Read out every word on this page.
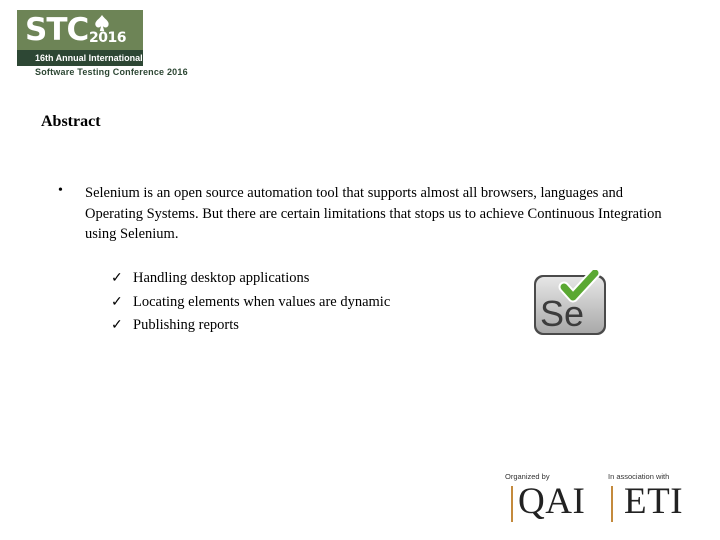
STC 2016
16th Annual International
Software Testing Conference 2016
Abstract
• Selenium is an open source automation tool that supports almost all browsers, languages and Operating Systems. But there are certain limitations that stops us to achieve Continuous Integration using Selenium.

✓ Handling desktop applications
✓ Locating elements when values are dynamic
✓ Publishing reports	Se
Organized by	In association with
QAI ETI
